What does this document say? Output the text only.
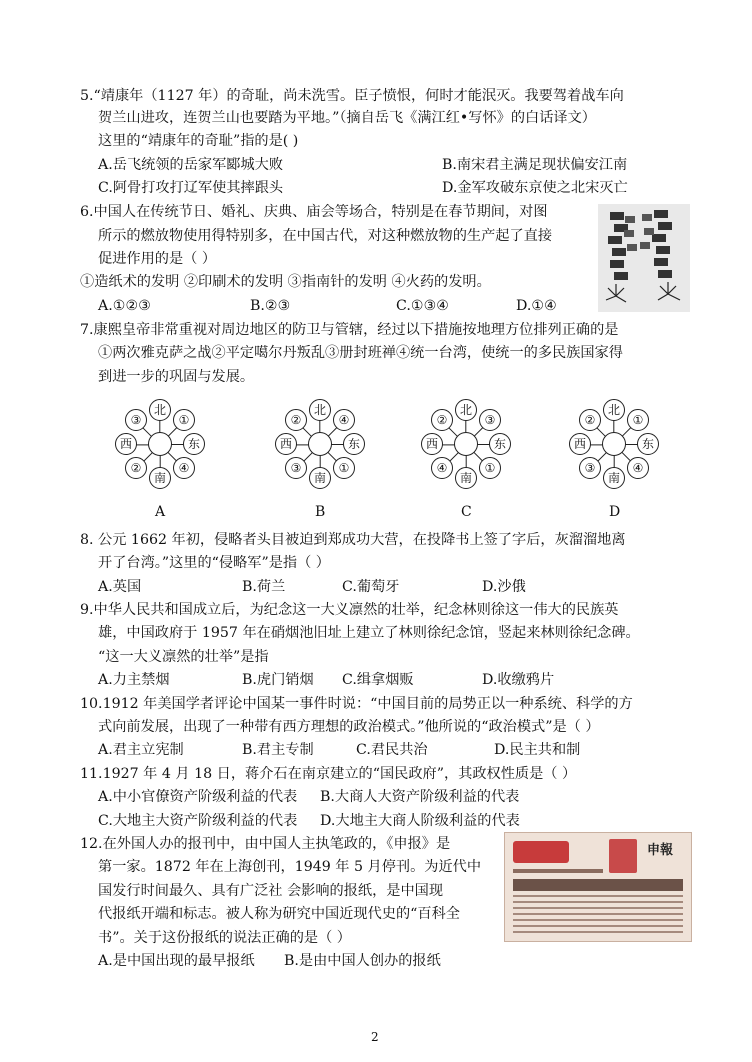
5.“靖康年（1127 年）的奇耻，尚未洗雪。臣子愤恨，何时才能泯灭。我要驾着战车向
贺兰山进攻，连贺兰山也要踏为平地。”（摘自岳飞《满江红•写怀》的白话译文）
这里的“靖康年的奇耻”指的是( )
A.岳飞统领的岳家军郾城大败	B.南宋君主满足现状偏安江南
C.阿骨打攻打辽军使其摔跟头	D.金军攻破东京使之北宋灭亡
6.中国人在传统节日、婚礼、庆典、庙会等场合，特别是在春节期间，对图
所示的燃放物使用得特别多，在中国古代，对这种燃放物的生产起了直接
促进作用的是（ ）
①造纸术的发明 ②印刷术的发明 ③指南针的发明 ④火药的发明。
A.①②③	B.②③	C.①③④	D.①④
7.康熙皇帝非常重视对周边地区的防卫与管辖，经过以下措施按地理方位排列正确的是
①两次雅克萨之战②平定噶尔丹叛乱③册封班禅④统一台湾，使统一的多民族国家得
到进一步的巩固与发展。
北
南
西	东
③	①
②	④
A
北
南
西	东
②	④
③	①
B
北
南
西	东
②	③
④	①
C
北
南
西	东
②	①
③	④
D
8. 公元 1662 年初，侵略者头目被迫到郑成功大营，在投降书上签了字后，灰溜溜地离
开了台湾。”这里的“侵略军”是指（ ）
A.英国	B.荷兰	C.葡萄牙	D.沙俄
9.中华人民共和国成立后，为纪念这一大义凛然的壮举，纪念林则徐这一伟大的民族英
雄，中国政府于 1957 年在硝烟池旧址上建立了林则徐纪念馆，竖起来林则徐纪念碑。
“这一大义凛然的壮举”是指
A.力主禁烟	B.虎门销烟 C.缉拿烟贩	D.收缴鸦片
10.1912 年美国学者评论中国某一事件时说：“中国目前的局势正以一种系统、科学的方
式向前发展，出现了一种带有西方理想的政治模式。”他所说的“政治模式”是（ ）
A.君主立宪制	B.君主专制	C.君民共治	D.民主共和制
11.1927 年 4 月 18 日，蒋介石在南京建立的“国民政府”，其政权性质是（ ）
A.中小官僚资产阶级利益的代表 B.大商人大资产阶级利益的代表
C.大地主大资产阶级利益的代表 D.大地主大商人阶级利益的代表
12.在外国人办的报刊中，由中国人主执笔政的，《申报》是
第一家。1872 年在上海创刊，1949 年 5 月停刊。为近代中
国发行时间最久、具有广泛社 会影响的报纸，是中国现
代报纸开端和标志。被人称为研究中国近现代史的“百科全
书”。关于这份报纸的说法正确的是（ ）
A.是中国出现的最早报纸 B.是由中国人创办的报纸
申報
2
